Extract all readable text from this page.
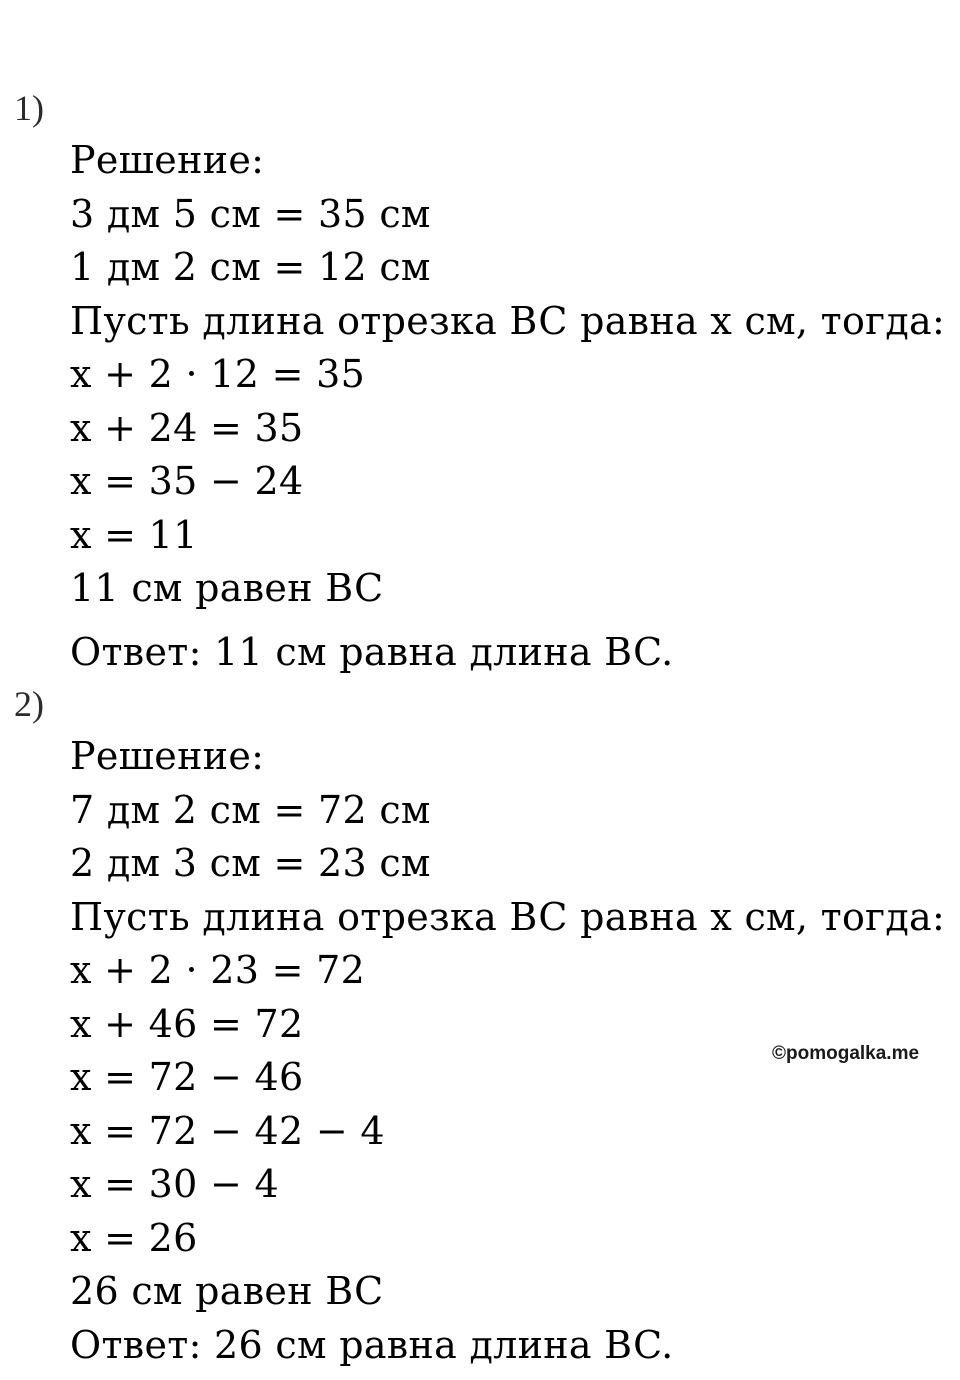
1)
Решение:
3 дм 5 см = 35 см
1 дм 2 см = 12 см
Пусть длина отрезка BC равна x см, тогда:
x + 2 · 12 = 35
x + 24 = 35
x = 35 − 24
x = 11
11 см равен BC
Ответ: 11 см равна длина BC.
2)
Решение:
7 дм 2 см = 72 см
2 дм 3 см = 23 см
Пусть длина отрезка BC равна x см, тогда:
x + 2 · 23 = 72
x + 46 = 72
x = 72 − 46
x = 72 − 42 − 4
x = 30 − 4
x = 26
26 см равен BC
Ответ: 26 см равна длина BC.
©pomogalka.me
